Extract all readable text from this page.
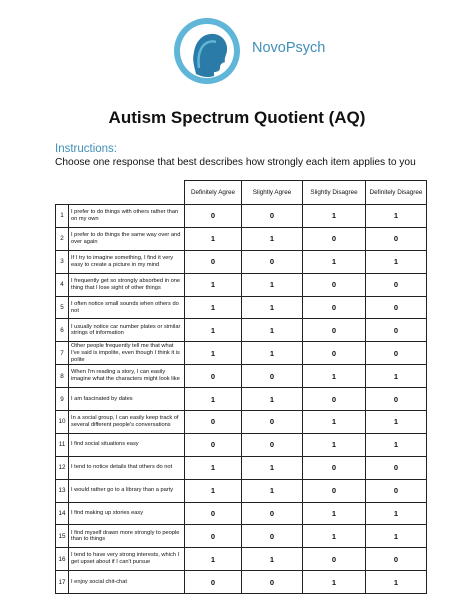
NovoPsych
Autism Spectrum Quotient (AQ)
Instructions:
Choose one response that best describes how strongly each item applies to you
		Definitely Agree	Slightly Agree	Slightly Disagree	Definitely Disagree
1	I prefer to do things with others rather than on my own	0	0	1	1
2	I prefer to do things the same way over and over again	1	1	0	0
3	If I try to imagine something, I find it very easy to create a picture in my mind	0	0	1	1
4	I frequently get so strongly absorbed in one thing that I lose sight of other things	1	1	0	0
5	I often notice small sounds when others do not	1	1	0	0
6	I usually notice car number plates or similar strings of information	1	1	0	0
7	Other people frequently tell me that what I've said is impolite, even though I think it is polite	1	1	0	0
8	When I'm reading a story, I can easily imagine what the characters might look like	0	0	1	1
9	I am fascinated by dates	1	1	0	0
10	In a social group, I can easily keep track of several different people's conversations	0	0	1	1
11	I find social situations easy	0	0	1	1
12	I tend to notice details that others do not	1	1	0	0
13	I would rather go to a library than a party	1	1	0	0
14	I find making up stories easy	0	0	1	1
15	I find myself drawn more strongly to people than to things	0	0	1	1
16	I tend to have very strong interests, which I get upset about if I can't pursue	1	1	0	0
17	I enjoy social chit-chat	0	0	1	1
